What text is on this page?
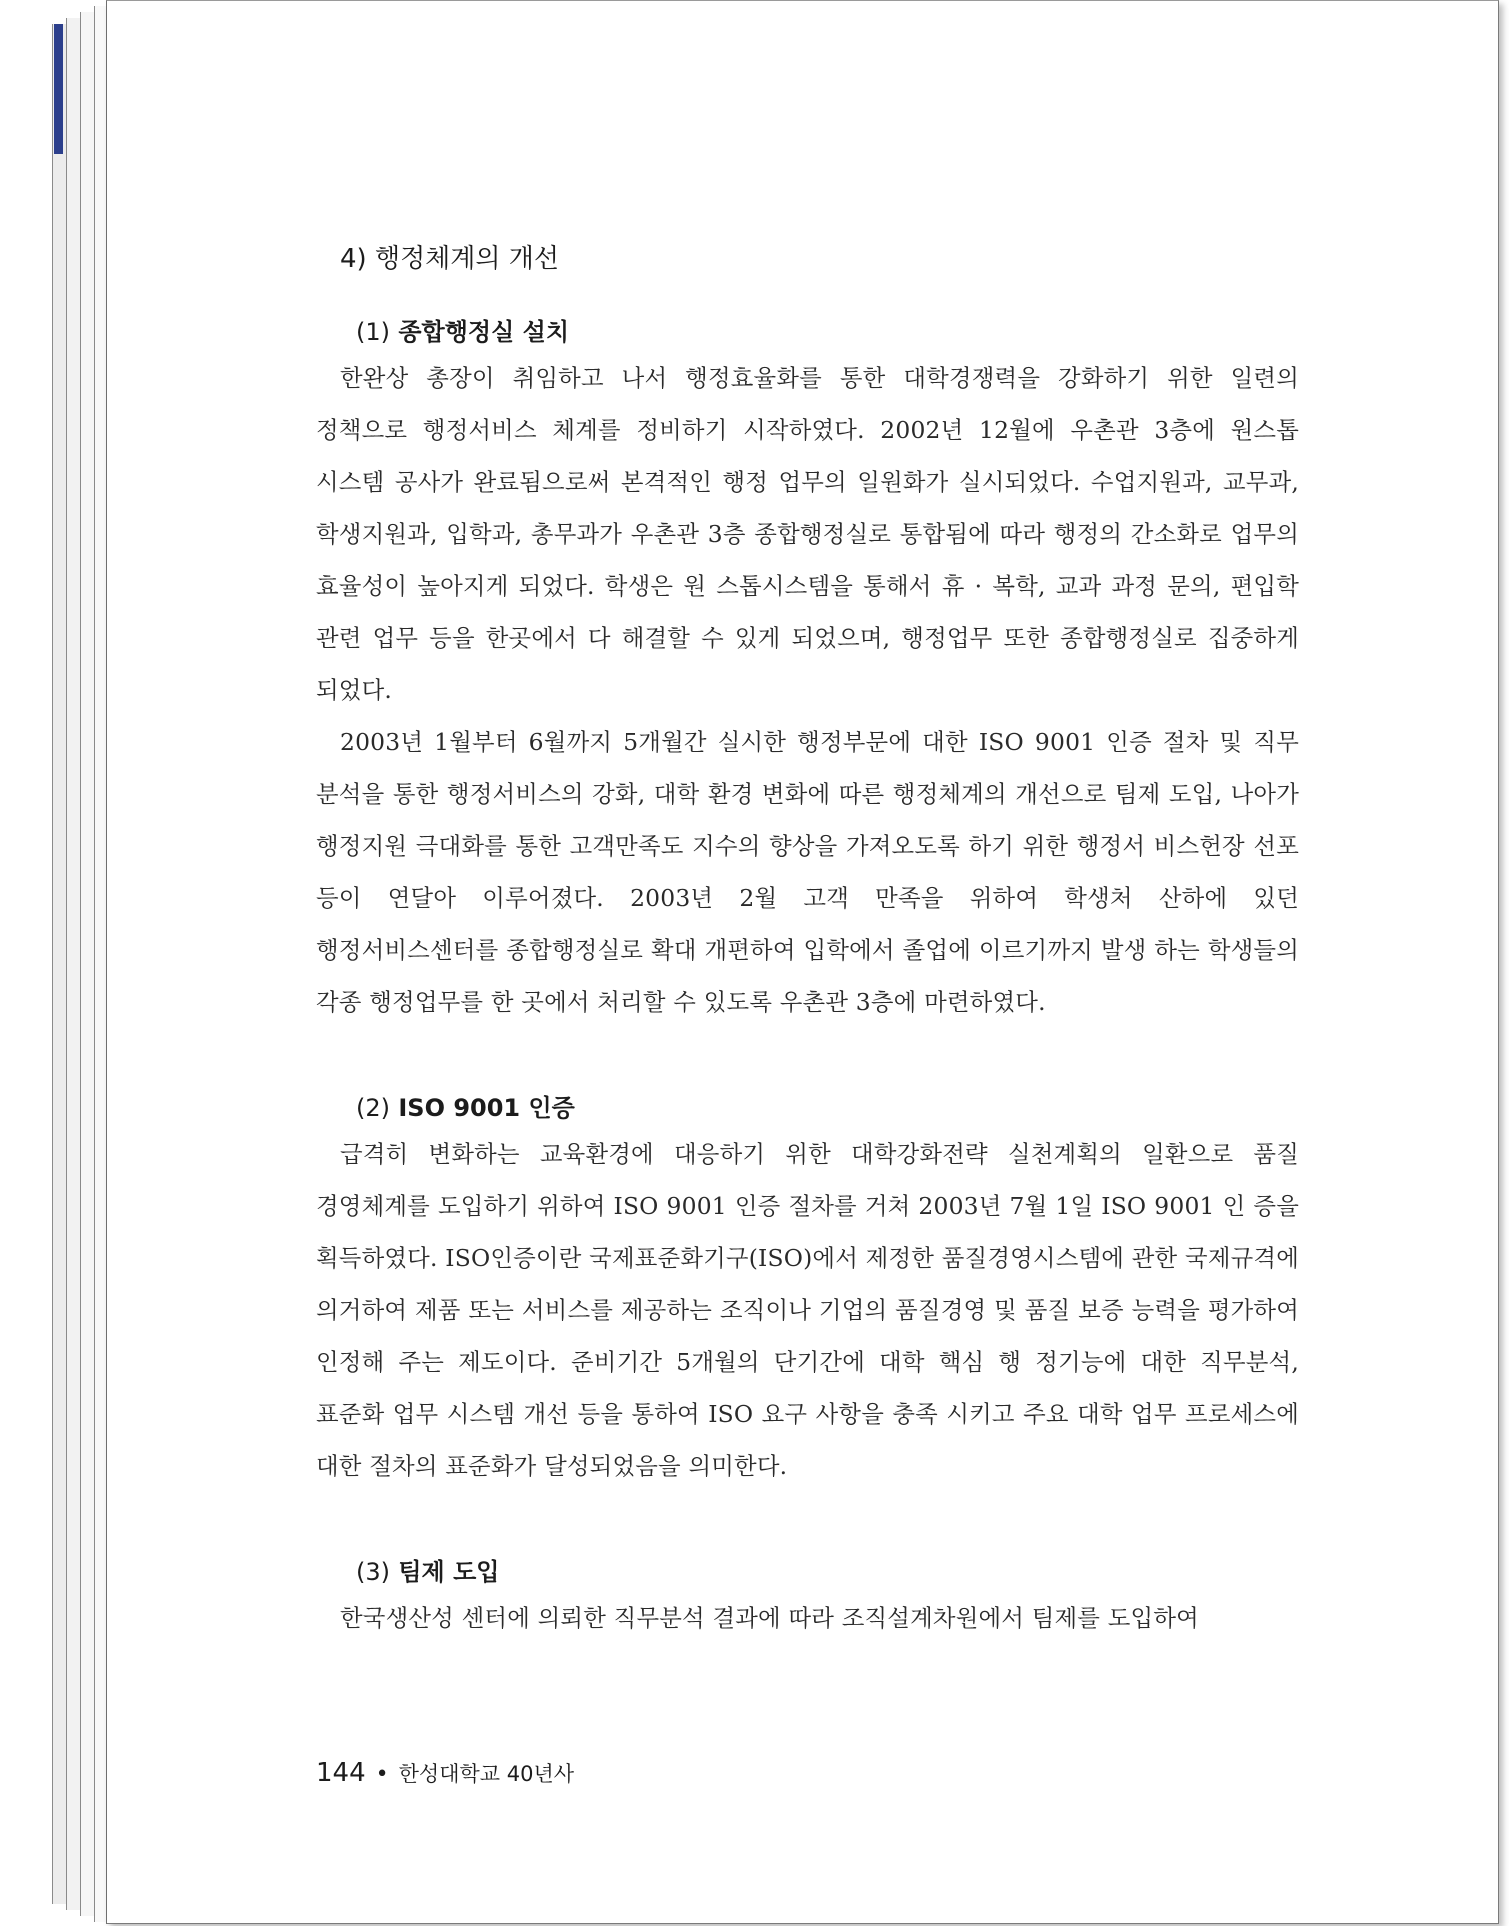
4) 행정체계의 개선
(1) 종합행정실 설치

한완상 총장이 취임하고 나서 행정효율화를 통한 대학경쟁력을 강화하기 위한 일련의 정책으로 행정서비스 체계를 정비하기 시작하였다. 2002년 12월에 우촌관 3층에 원스톱 시스템 공사가 완료됨으로써 본격적인 행정 업무의 일원화가 실시되었다. 수업지원과, 교무과, 학생지원과, 입학과, 총무과가 우촌관 3층 종합행정실로 통합됨에 따라 행정의 간소화로 업무의 효율성이 높아지게 되었다. 학생은 원 스톱시스템을 통해서 휴 · 복학, 교과 과정 문의, 편입학 관련 업무 등을 한곳에서 다 해결할 수 있게 되었으며, 행정업무 또한 종합행정실로 집중하게 되었다.

2003년 1월부터 6월까지 5개월간 실시한 행정부문에 대한 ISO 9001 인증 절차 및 직무 분석을 통한 행정서비스의 강화, 대학 환경 변화에 따른 행정체계의 개선으로 팀제 도입, 나아가 행정지원 극대화를 통한 고객만족도 지수의 향상을 가져오도록 하기 위한 행정서 비스헌장 선포 등이 연달아 이루어졌다. 2003년 2월 고객 만족을 위하여 학생처 산하에 있던 행정서비스센터를 종합행정실로 확대 개편하여 입학에서 졸업에 이르기까지 발생 하는 학생들의 각종 행정업무를 한 곳에서 처리할 수 있도록 우촌관 3층에 마련하였다.

(2) ISO 9001 인증

급격히 변화하는 교육환경에 대응하기 위한 대학강화전략 실천계획의 일환으로 품질 경영체계를 도입하기 위하여 ISO 9001 인증 절차를 거쳐 2003년 7월 1일 ISO 9001 인 증을 획득하였다. ISO인증이란 국제표준화기구(ISO)에서 제정한 품질경영시스템에 관한 국제규격에 의거하여 제품 또는 서비스를 제공하는 조직이나 기업의 품질경영 및 품질 보증 능력을 평가하여 인정해 주는 제도이다. 준비기간 5개월의 단기간에 대학 핵심 행 정기능에 대한 직무분석, 표준화 업무 시스템 개선 등을 통하여 ISO 요구 사항을 충족 시키고 주요 대학 업무 프로세스에 대한 절차의 표준화가 달성되었음을 의미한다.

(3) 팀제 도입

한국생산성 센터에 의뢰한 직무분석 결과에 따라 조직설계차원에서 팀제를 도입하여

144 • 한성대학교 40년사
